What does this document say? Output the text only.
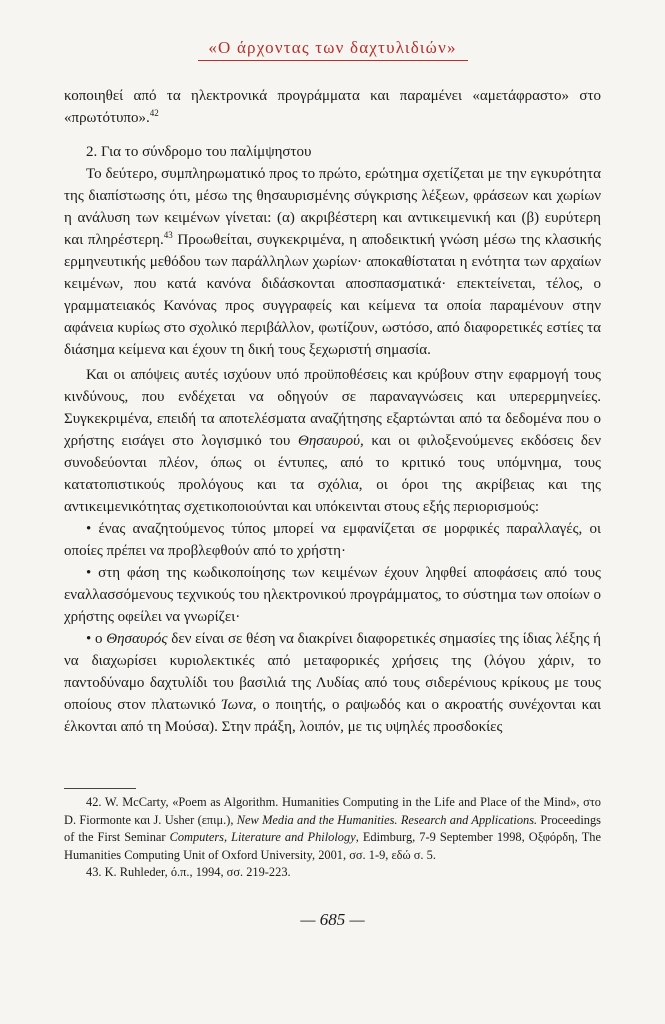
«Ο άρχοντας των δαχτυλιδιών»

κοποιηθεί από τα ηλεκτρονικά προγράμματα και παραμένει «αμετάφραστο» στο «πρωτότυπο».$^{42}$

2. Για το σύνδρομο του παλίμψηστου

Το δεύτερο, συμπληρωματικό προς το πρώτο, ερώτημα σχετίζεται με την εγκυρότητα της διαπίστωσης ότι, μέσω της θησαυρισμένης σύγκρισης λέξεων, φράσεων και χωρίων η ανάλυση των κειμένων γίνεται: (α) ακριβέστερη και αντικειμενική και (β) ευρύτερη και πληρέστερη.$^{43}$ Προωθείται, συγκεκριμένα, η αποδεικτική γνώση μέσω της κλασικής ερμηνευτικής μεθόδου των παράλληλων χωρίων· αποκαθίσταται η ενότητα των αρχαίων κειμένων, που κατά κανόνα διδάσκονται αποσπασματικά· επεκτείνεται, τέλος, ο γραμματειακός Κανόνας προς συγγραφείς και κείμενα τα οποία παραμένουν στην αφάνεια κυρίως στο σχολικό περιβάλλον, φωτίζουν, ωστόσο, από διαφορετικές εστίες τα διάσημα κείμενα και έχουν τη δική τους ξεχωριστή σημασία.

Και οι απόψεις αυτές ισχύουν υπό προϋποθέσεις και κρύβουν στην εφαρμογή τους κινδύνους, που ενδέχεται να οδηγούν σε παραναγνώσεις και υπερερμηνείες. Συγκεκριμένα, επειδή τα αποτελέσματα αναζήτησης εξαρτώνται από τα δεδομένα που ο χρήστης εισάγει στο λογισμικό του Θησαυρού, και οι φιλοξενούμενες εκδόσεις δεν συνοδεύονται πλέον, όπως οι έντυπες, από το κριτικό τους υπόμνημα, τους κατατοπιστικούς προλόγους και τα σχόλια, οι όροι της ακρίβειας και της αντικειμενικότητας σχετικοποιούνται και υπόκεινται στους εξής περιορισμούς:

• ένας αναζητούμενος τύπος μπορεί να εμφανίζεται σε μορφικές παραλλαγές, οι οποίες πρέπει να προβλεφθούν από το χρήστη·

• στη φάση της κωδικοποίησης των κειμένων έχουν ληφθεί αποφάσεις από τους εναλλασσόμενους τεχνικούς του ηλεκτρονικού προγράμματος, το σύστημα των οποίων ο χρήστης οφείλει να γνωρίζει·

• ο Θησαυρός δεν είναι σε θέση να διακρίνει διαφορετικές σημασίες της ίδιας λέξης ή να διαχωρίσει κυριολεκτικές από μεταφορικές χρήσεις της (λόγου χάριν, το παντοδύναμο δαχτυλίδι του βασιλιά της Λυδίας από τους σιδερένιους κρίκους με τους οποίους στον πλατωνικό Ίωνα, ο ποιητής, ο ραψωδός και ο ακροατής συνέχονται και έλκονται από τη Μούσα). Στην πράξη, λοιπόν, με τις υψηλές προσδοκίες

42. W. McCarty, «Poem as Algorithm. Humanities Computing in the Life and Place of the Mind», στο D. Fiormonte και J. Usher (επιμ.), New Media and the Humanities. Research and Applications. Proceedings of the First Seminar Computers, Literature and Philology, Edimburg, 7-9 September 1998, Οξφόρδη, The Humanities Computing Unit of Oxford University, 2001, σσ. 1-9, εδώ σ. 5.

43. K. Ruhleder, ό.π., 1994, σσ. 219-223.

— 685 —
